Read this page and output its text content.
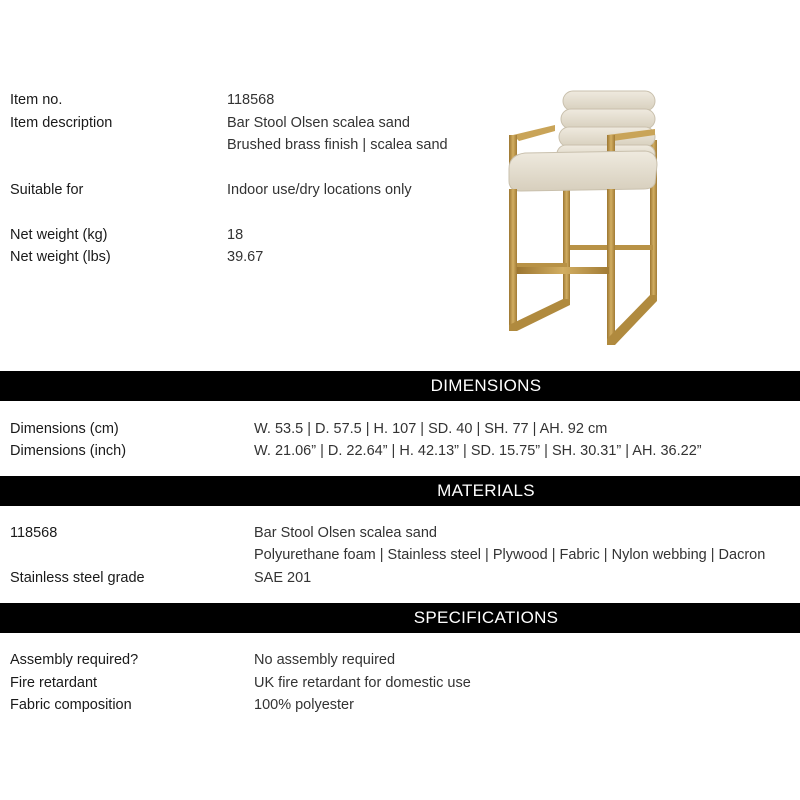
Item no.	118568
Item description	Bar Stool Olsen scalea sand
Brushed brass finish | scalea sand
Suitable for	Indoor use/dry locations only
Net weight (kg)	18
Net weight (lbs)	39.67
DIMENSIONS
Dimensions (cm)	W. 53.5 | D. 57.5 | H. 107 | SD. 40 | SH. 77 | AH. 92 cm
Dimensions (inch)	W. 21.06” | D. 22.64” | H. 42.13” | SD. 15.75” | SH. 30.31” | AH. 36.22”
MATERIALS
118568	Bar Stool Olsen scalea sand
Polyurethane foam | Stainless steel | Plywood | Fabric | Nylon webbing | Dacron
Stainless steel grade	SAE 201
SPECIFICATIONS
Assembly required?	No assembly required
Fire retardant	UK fire retardant for domestic use
Fabric composition	100% polyester
